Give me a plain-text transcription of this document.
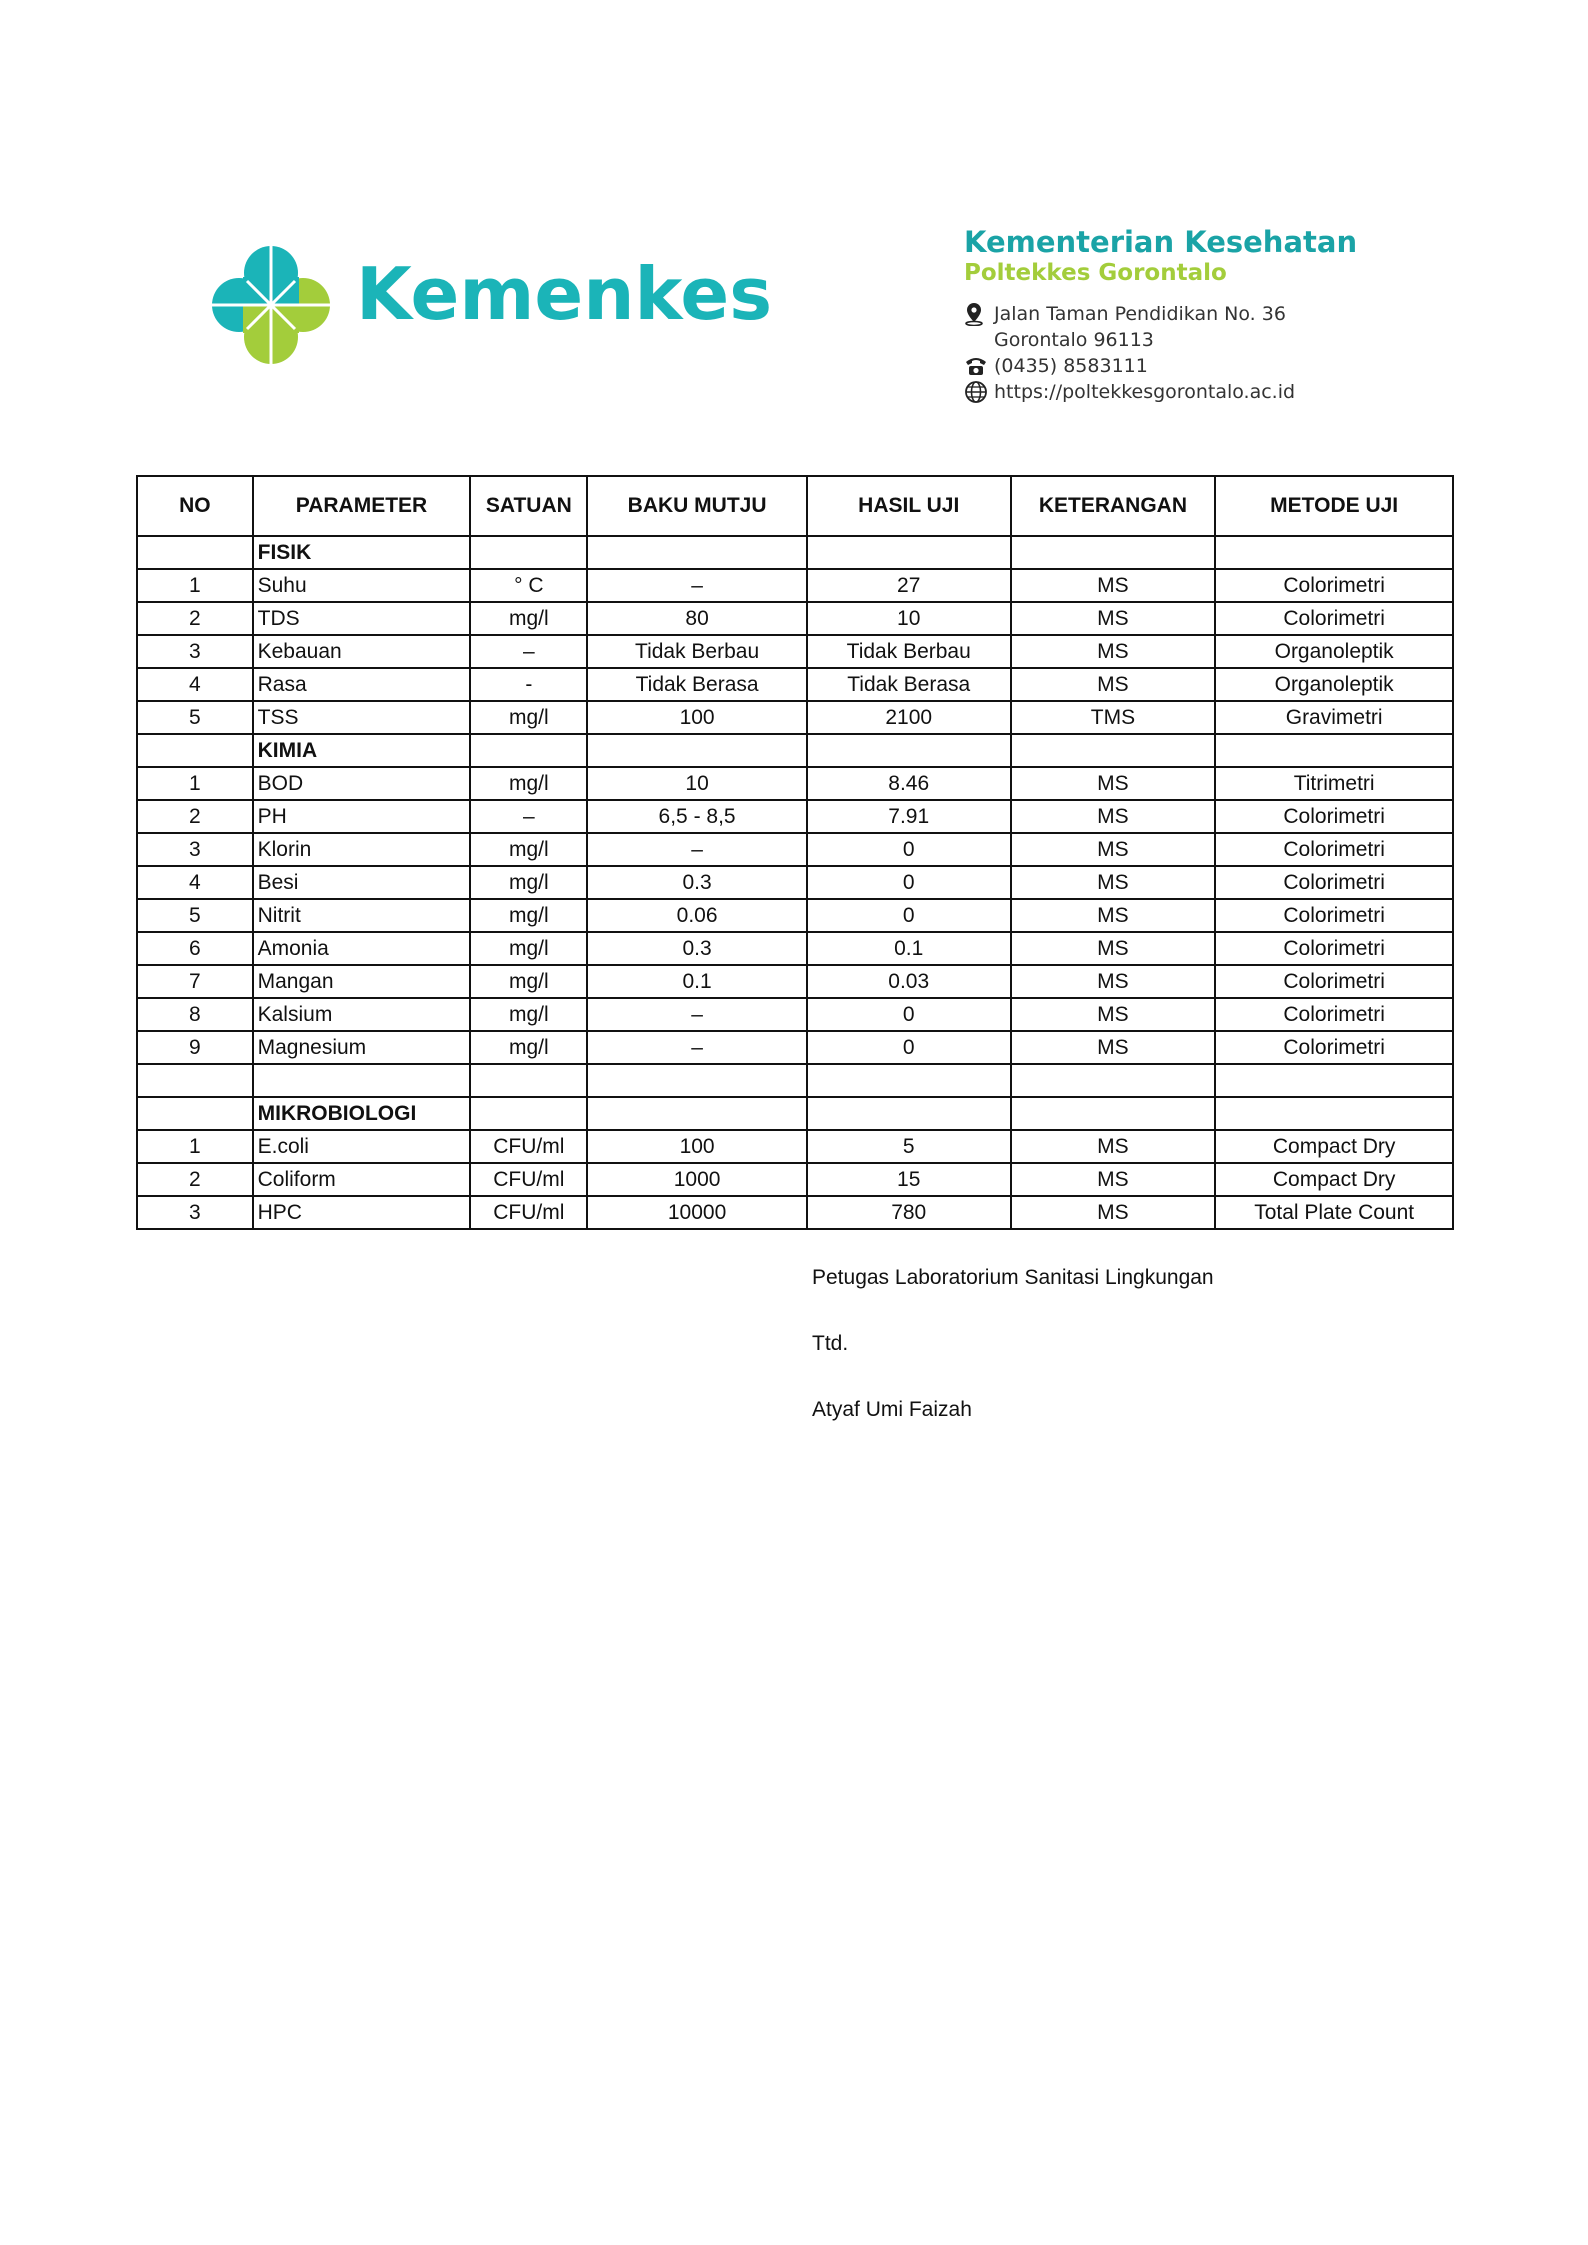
Kemenkes
Kementerian Kesehatan
Poltekkes Gorontalo
Jalan Taman Pendidikan No. 36
Gorontalo 96113
(0435) 8583111
https://poltekkesgorontalo.ac.id
NO	PARAMETER	SATUAN	BAKU MUTJU	HASIL UJI	KETERANGAN	METODE UJI
	FISIK					
1	Suhu	° C	–	27	MS	Colorimetri
2	TDS	mg/l	80	10	MS	Colorimetri
3	Kebauan	–	Tidak Berbau	Tidak Berbau	MS	Organoleptik
4	Rasa	-	Tidak Berasa	Tidak Berasa	MS	Organoleptik
5	TSS	mg/l	100	2100	TMS	Gravimetri
	KIMIA					
1	BOD	mg/l	10	8.46	MS	Titrimetri
2	PH	–	6,5 - 8,5	7.91	MS	Colorimetri
3	Klorin	mg/l	–	0	MS	Colorimetri
4	Besi	mg/l	0.3	0	MS	Colorimetri
5	Nitrit	mg/l	0.06	0	MS	Colorimetri
6	Amonia	mg/l	0.3	0.1	MS	Colorimetri
7	Mangan	mg/l	0.1	0.03	MS	Colorimetri
8	Kalsium	mg/l	–	0	MS	Colorimetri
9	Magnesium	mg/l	–	0	MS	Colorimetri

	MIKROBIOLOGI					
1	E.coli	CFU/ml	100	5	MS	Compact Dry
2	Coliform	CFU/ml	1000	15	MS	Compact Dry
3	HPC	CFU/ml	10000	780	MS	Total Plate Count
Petugas Laboratorium Sanitasi Lingkungan
Ttd.
Atyaf Umi Faizah
